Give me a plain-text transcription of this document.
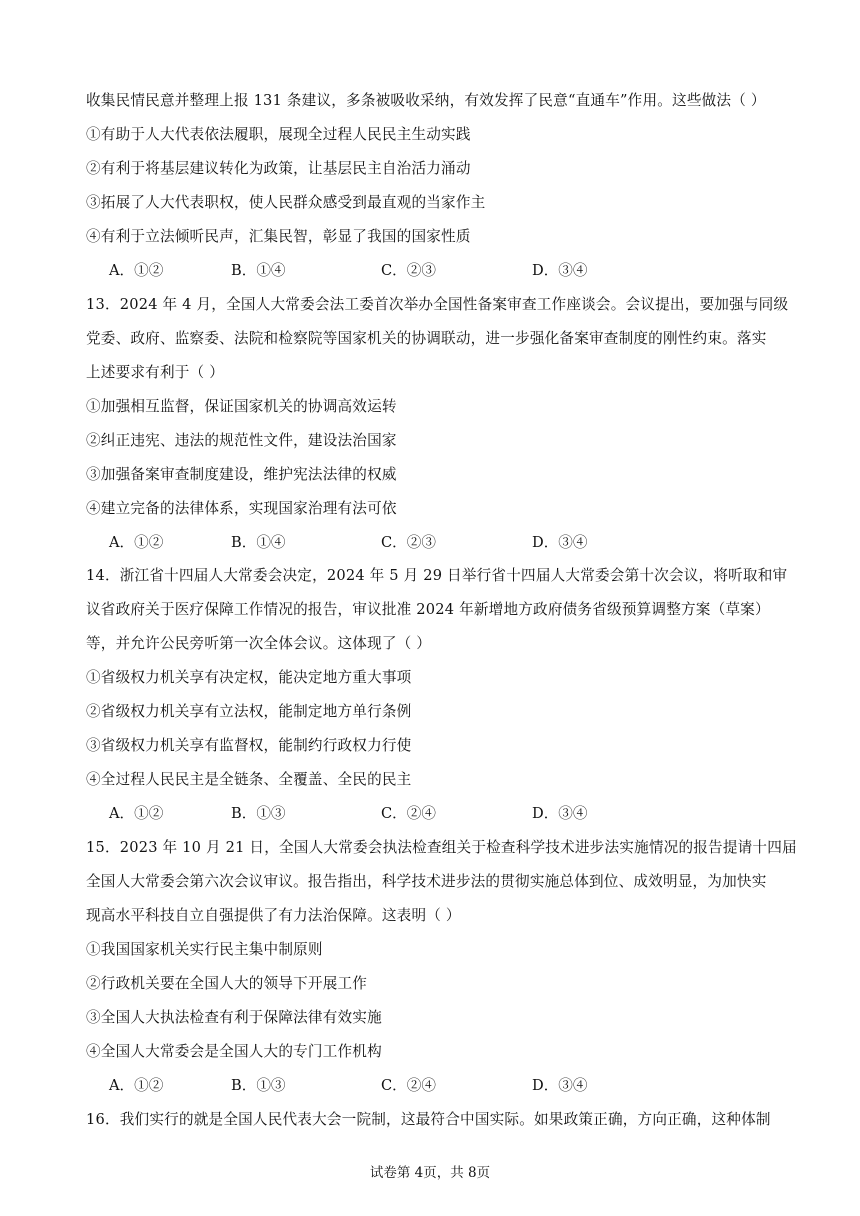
收集民情民意并整理上报 131 条建议，多条被吸收采纳，有效发挥了民意“直通车”作用。这些做法（ ）
①有助于人大代表依法履职，展现全过程人民民主生动实践
②有利于将基层建议转化为政策，让基层民主自治活力涌动
③拓展了人大代表职权，使人民群众感受到最直观的当家作主
④有利于立法倾听民声，汇集民智，彰显了我国的国家性质
A．①②	B．①④	C．②③	D．③④
13．2024 年 4 月，全国人大常委会法工委首次举办全国性备案审查工作座谈会。会议提出，要加强与同级
党委、政府、监察委、法院和检察院等国家机关的协调联动，进一步强化备案审查制度的刚性约束。落实
上述要求有利于（ ）
①加强相互监督，保证国家机关的协调高效运转
②纠正违宪、违法的规范性文件，建设法治国家
③加强备案审查制度建设，维护宪法法律的权威
④建立完备的法律体系，实现国家治理有法可依
A．①②	B．①④	C．②③	D．③④
14．浙江省十四届人大常委会决定，2024 年 5 月 29 日举行省十四届人大常委会第十次会议，将听取和审
议省政府关于医疗保障工作情况的报告，审议批准 2024 年新增地方政府债务省级预算调整方案（草案）
等，并允许公民旁听第一次全体会议。这体现了（ ）
①省级权力机关享有决定权，能决定地方重大事项
②省级权力机关享有立法权，能制定地方单行条例
③省级权力机关享有监督权，能制约行政权力行使
④全过程人民民主是全链条、全覆盖、全民的民主
A．①②	B．①③	C．②④	D．③④
15．2023 年 10 月 21 日，全国人大常委会执法检查组关于检查科学技术进步法实施情况的报告提请十四届
全国人大常委会第六次会议审议。报告指出，科学技术进步法的贯彻实施总体到位、成效明显，为加快实
现高水平科技自立自强提供了有力法治保障。这表明（ ）
①我国国家机关实行民主集中制原则
②行政机关要在全国人大的领导下开展工作
③全国人大执法检查有利于保障法律有效实施
④全国人大常委会是全国人大的专门工作机构
A．①②	B．①③	C．②④	D．③④
16．我们实行的就是全国人民代表大会一院制，这最符合中国实际。如果政策正确，方向正确，这种体制
试卷第 4页，共 8页
